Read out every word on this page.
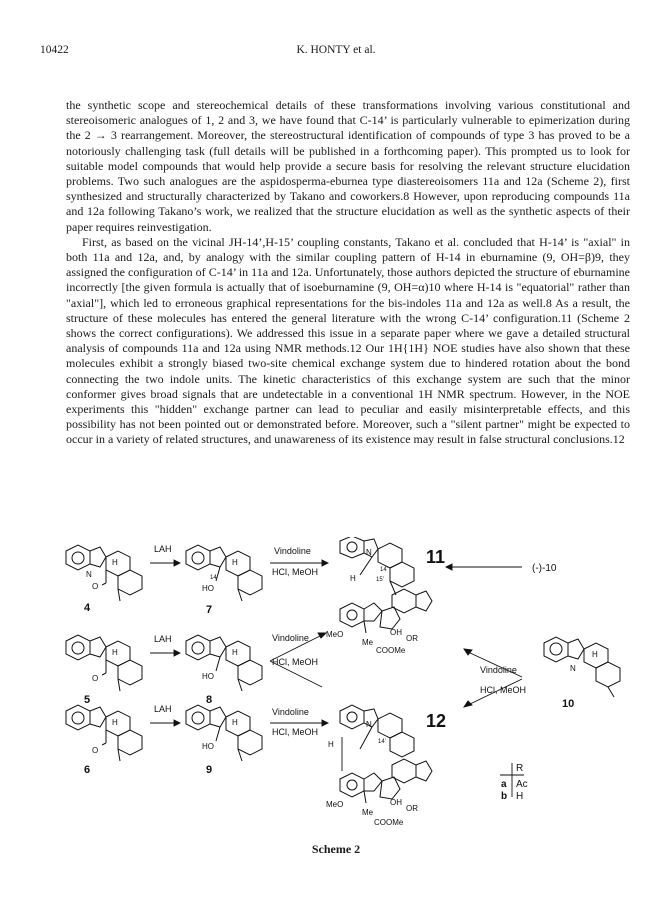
10422	K. HONTY et al.

the synthetic scope and stereochemical details of these transformations involving various constitutional and stereoisomeric analogues of 1, 2 and 3, we have found that C-14’ is particularly vulnerable to epimerization during the 2 → 3 rearrangement. Moreover, the stereostructural identification of compounds of type 3 has proved to be a notoriously challenging task (full details will be published in a forthcoming paper). This prompted us to look for suitable model compounds that would help provide a secure basis for resolving the relevant structure elucidation problems. Two such analogues are the aspidosperma-eburnea type diastereoisomers 11a and 12a (Scheme 2), first synthesized and structurally characterized by Takano and coworkers.8 However, upon reproducing compounds 11a and 12a following Takano’s work, we realized that the structure elucidation as well as the synthetic aspects of their paper requires reinvestigation.

First, as based on the vicinal JH-14’,H-15’ coupling constants, Takano et al. concluded that H-14’ is "axial" in both 11a and 12a, and, by analogy with the similar coupling pattern of H-14 in eburnamine (9, OH=β)9, they assigned the configuration of C-14’ in 11a and 12a. Unfortunately, those authors depicted the structure of eburnamine incorrectly [the given formula is actually that of isoeburnamine (9, OH=α)10 where H-14 is "equatorial" rather than "axial"], which led to erroneous graphical representations for the bis-indoles 11a and 12a as well.8 As a result, the structure of these molecules has entered the general literature with the wrong C-14’ configuration.11 (Scheme 2 shows the correct configurations). We addressed this issue in a separate paper where we gave a detailed structural analysis of compounds 11a and 12a using NMR methods.12 Our 1H{1H} NOE studies have also shown that these molecules exhibit a strongly biased two-site chemical exchange system due to hindered rotation about the bond connecting the two indole units. The kinetic characteristics of this exchange system are such that the minor conformer gives broad signals that are undetectable in a conventional 1H NMR spectrum. However, in the NOE experiments this "hidden" exchange partner can lead to peculiar and easily misinterpretable effects, and this possibility has not been pointed out or demonstrated before. Moreover, such a "silent partner" might be expected to occur in a variety of related structures, and unawareness of its existence may result in false structural conclusions.12

LAH	Vindoline
HCl, MeOH
LAH	Vindoline
HCl, MeOH
LAH	Vindoline
HCl, MeOH
Vindoline
HCl, MeOH
H
N
O
H
14
HO
N
14’
H	15’
OH
OR
MeO
Me
COOMe	H
N
H
O
H
HO
N
14’
H
OH
OR
MeO
Me
COOMe
H
O
H
HO
4	7
11
(-)-10
5	8	10
12
6	9	R
a Ac
b H
Scheme 2
